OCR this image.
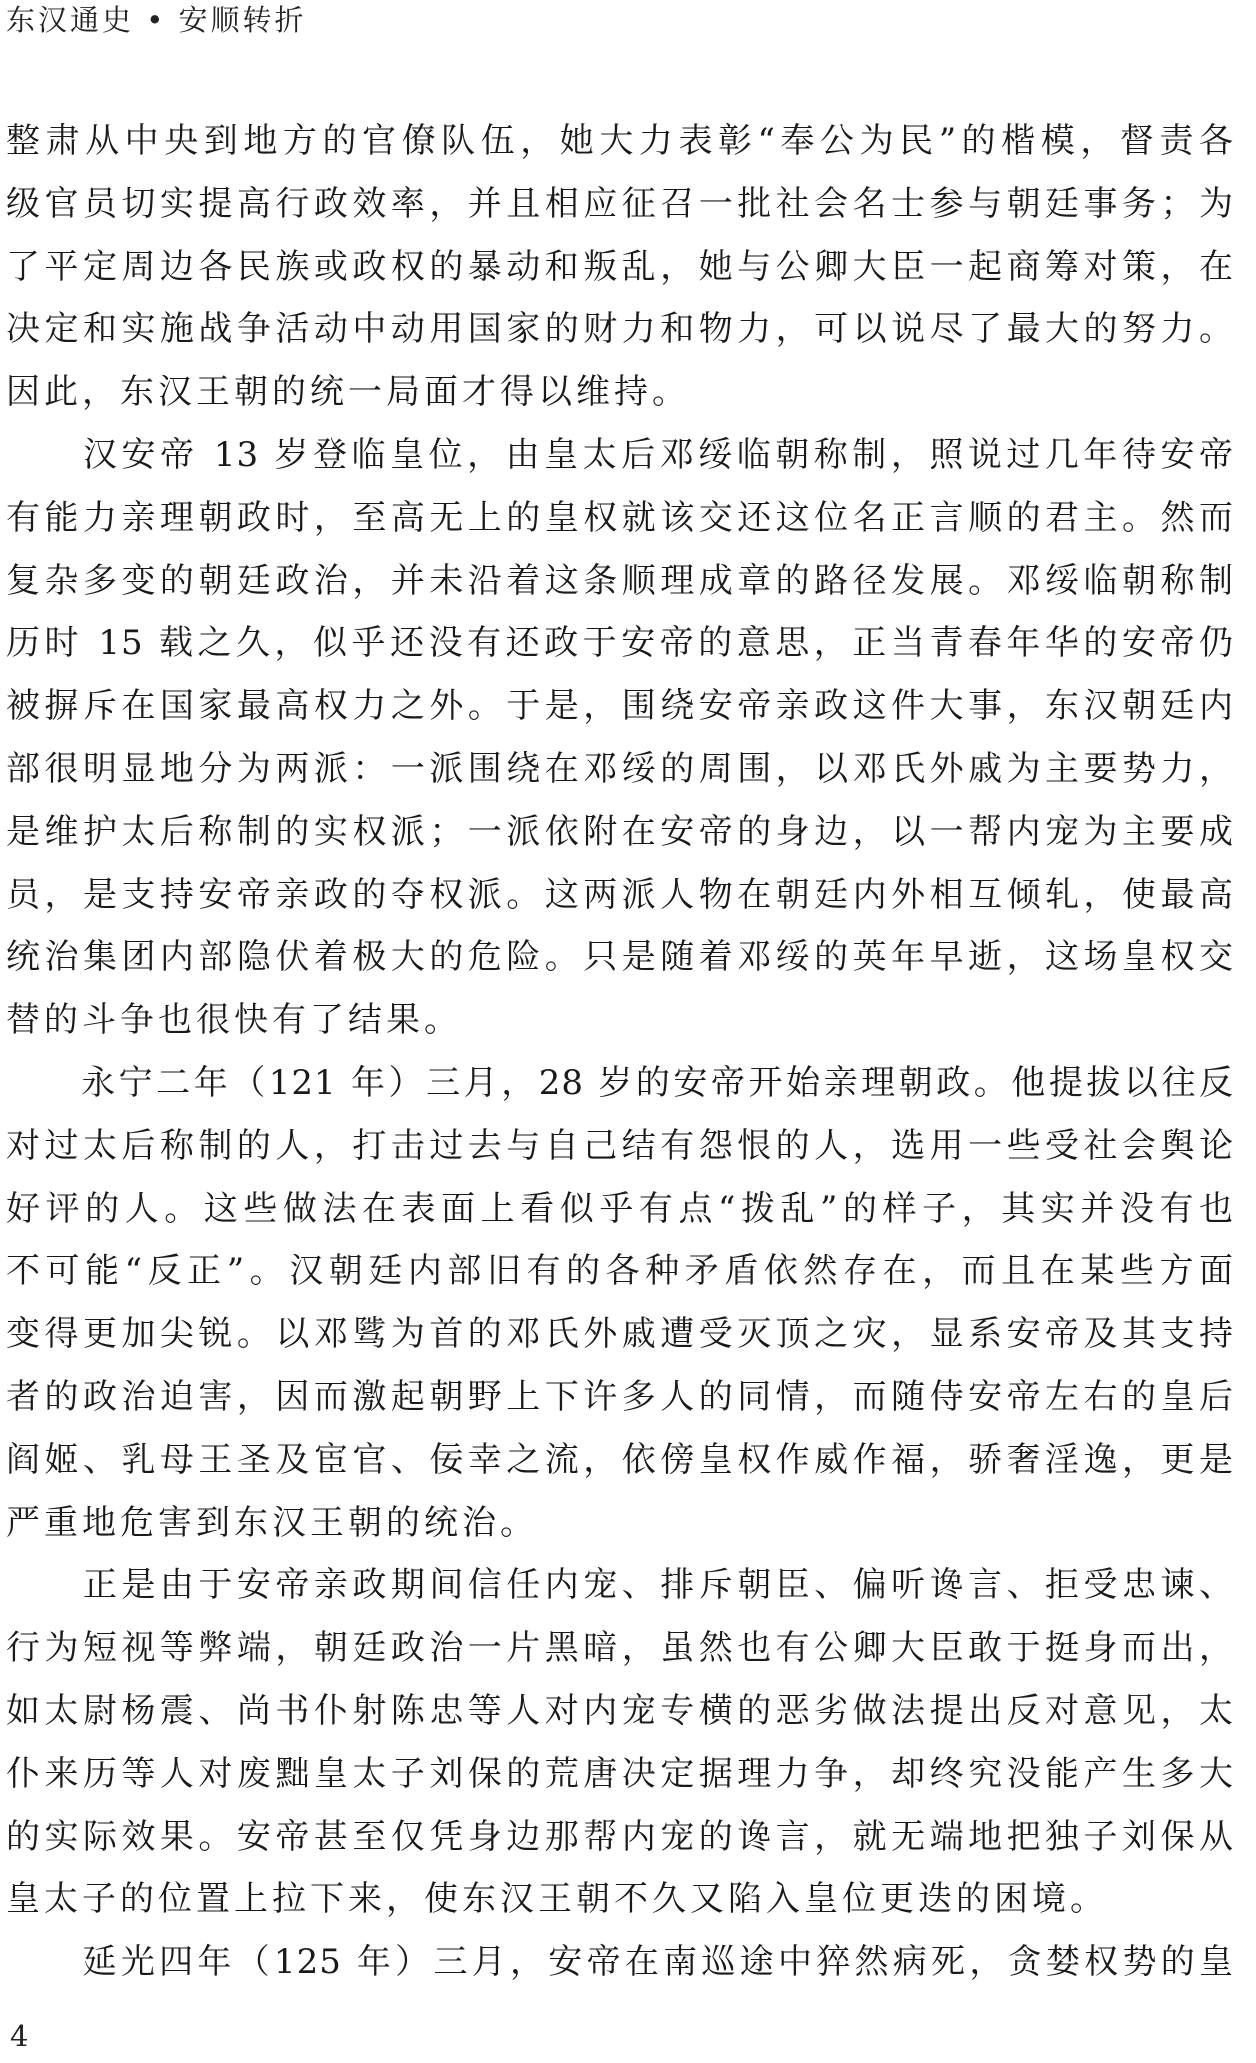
东汉通史 • 安顺转折
整肃从中央到地方的官僚队伍，她大力表彰“奉公为民”的楷模，督责各
级官员切实提高行政效率，并且相应征召一批社会名士参与朝廷事务；为
了平定周边各民族或政权的暴动和叛乱，她与公卿大臣一起商筹对策，在
决定和实施战争活动中动用国家的财力和物力，可以说尽了最大的努力。
因此，东汉王朝的统一局面才得以维持。
　　汉安帝 13 岁登临皇位，由皇太后邓绥临朝称制，照说过几年待安帝
有能力亲理朝政时，至高无上的皇权就该交还这位名正言顺的君主。然而
复杂多变的朝廷政治，并未沿着这条顺理成章的路径发展。邓绥临朝称制
历时 15 载之久，似乎还没有还政于安帝的意思，正当青春年华的安帝仍
被摒斥在国家最高权力之外。于是，围绕安帝亲政这件大事，东汉朝廷内
部很明显地分为两派：一派围绕在邓绥的周围，以邓氏外戚为主要势力，
是维护太后称制的实权派；一派依附在安帝的身边，以一帮内宠为主要成
员，是支持安帝亲政的夺权派。这两派人物在朝廷内外相互倾轧，使最高
统治集团内部隐伏着极大的危险。只是随着邓绥的英年早逝，这场皇权交
替的斗争也很快有了结果。
　　永宁二年（121 年）三月，28 岁的安帝开始亲理朝政。他提拔以往反
对过太后称制的人，打击过去与自己结有怨恨的人，选用一些受社会舆论
好评的人。这些做法在表面上看似乎有点“拨乱”的样子，其实并没有也
不可能“反正”。汉朝廷内部旧有的各种矛盾依然存在，而且在某些方面
变得更加尖锐。以邓骘为首的邓氏外戚遭受灭顶之灾，显系安帝及其支持
者的政治迫害，因而激起朝野上下许多人的同情，而随侍安帝左右的皇后
阎姬、乳母王圣及宦官、佞幸之流，依傍皇权作威作福，骄奢淫逸，更是
严重地危害到东汉王朝的统治。
　　正是由于安帝亲政期间信任内宠、排斥朝臣、偏听谗言、拒受忠谏、
行为短视等弊端，朝廷政治一片黑暗，虽然也有公卿大臣敢于挺身而出，
如太尉杨震、尚书仆射陈忠等人对内宠专横的恶劣做法提出反对意见，太
仆来历等人对废黜皇太子刘保的荒唐决定据理力争，却终究没能产生多大
的实际效果。安帝甚至仅凭身边那帮内宠的谗言，就无端地把独子刘保从
皇太子的位置上拉下来，使东汉王朝不久又陷入皇位更迭的困境。
　　延光四年（125 年）三月，安帝在南巡途中猝然病死，贪婪权势的皇
4
